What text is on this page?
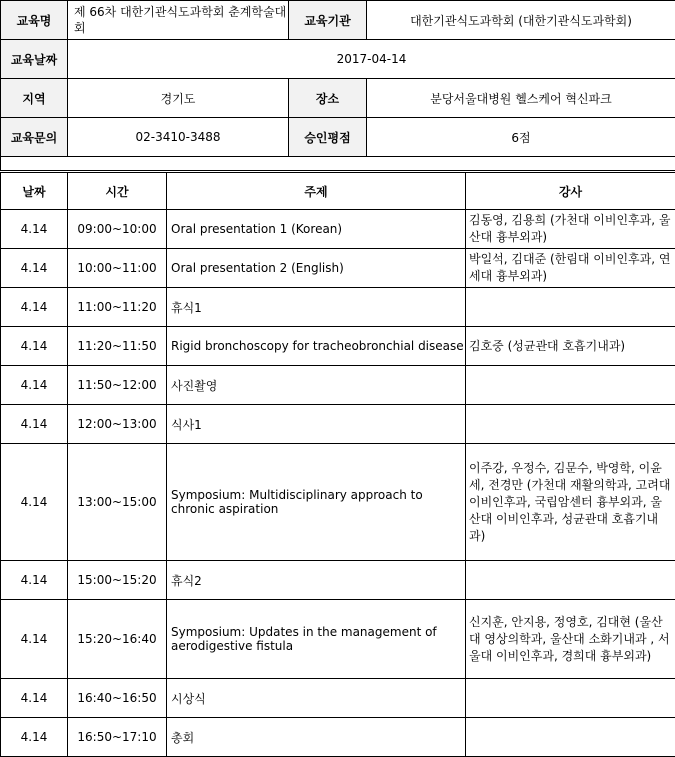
교육명	제 66차 대한기관식도과학회 춘계학술대회	교육기관	대한기관식도과학회 (대한기관식도과학회)
교육날짜	2017-04-14		
지역	경기도	장소	분당서울대병원 헬스케어 혁신파크
교육문의	02-3410-3488	승인평점	6점

날짜	시간	주제	강사
4.14	09:00~10:00	Oral presentation 1 (Korean)	김동영, 김용희 (가천대 이비인후과, 울산대 흉부외과)
4.14	10:00~11:00	Oral presentation 2 (English)	박일석, 김대준 (한림대 이비인후과, 연세대 흉부외과)
4.14	11:00~11:20	휴식1	
4.14	11:20~11:50	Rigid bronchoscopy for tracheobronchial disease	김호중 (성균관대 호흡기내과)
4.14	11:50~12:00	사진촬영	
4.14	12:00~13:00	식사1	
4.14	13:00~15:00	Symposium: Multidisciplinary approach to chronic aspiration	이주강, 우정수, 김문수, 박영학, 이윤세, 전경만 (가천대 재활의학과, 고려대 이비인후과, 국립암센터 흉부외과, 울산대 이비인후과, 성균관대 호흡기내과)
4.14	15:00~15:20	휴식2	
4.14	15:20~16:40	Symposium: Updates in the management of aerodigestive fistula	신지훈, 안지용, 정영호, 김대현 (울산대 영상의학과, 울산대 소화기내과 , 서울대 이비인후과, 경희대 흉부외과)
4.14	16:40~16:50	시상식	
4.14	16:50~17:10	총회	
